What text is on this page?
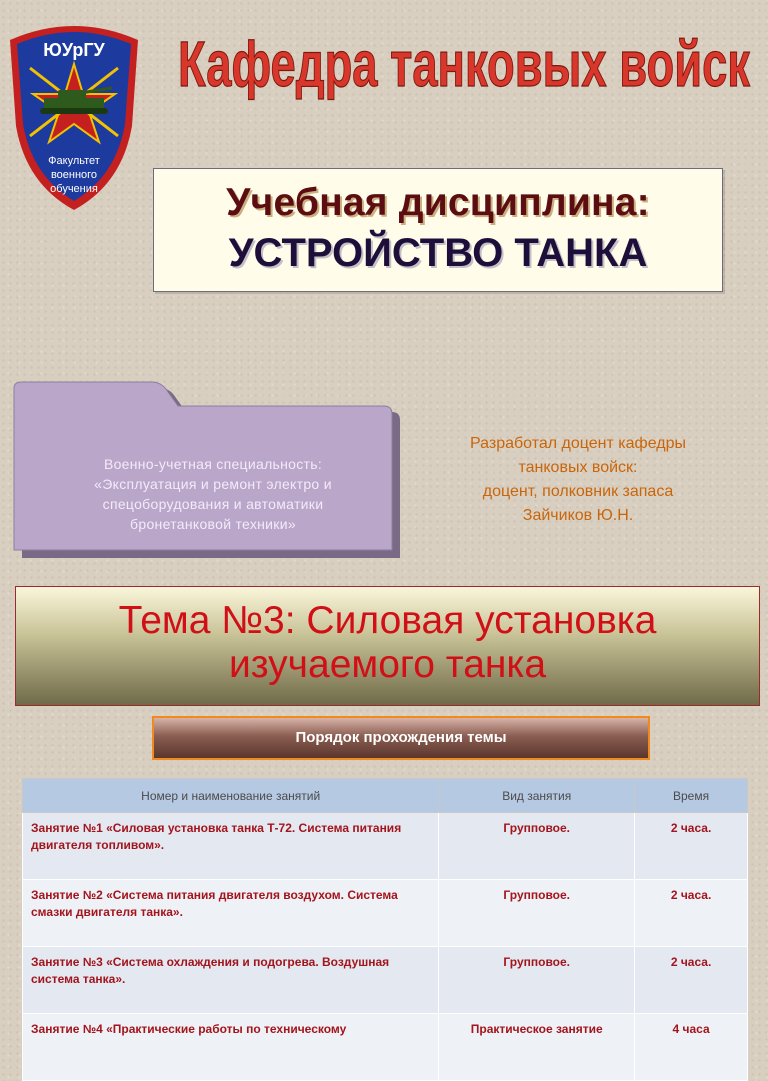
ЮУрГУ
Факультет
военного
обучения
Кафедра танковых войск
Учебная дисциплина:
УСТРОЙСТВО ТАНКА
Военно-учетная специальность:
«Эксплуатация и ремонт электро и
спецоборудования и автоматики
бронетанковой техники»
Разработал доцент кафедры
танковых войск:
доцент, полковник запаса
Зайчиков Ю.Н.
Тема №3: Силовая установка
изучаемого танка
Порядок прохождения темы
Номер и наименование занятий	Вид занятия	Время
Занятие №1 «Силовая установка танка Т-72. Система питания двигателя топливом».	Групповое.	2 часа.
Занятие №2 «Система питания двигателя воздухом. Система смазки двигателя танка».	Групповое.	2 часа.
Занятие №3 «Система охлаждения и подогрева. Воздушная система танка».	Групповое.	2 часа.
Занятие №4 «Практические работы по техническому	Практическое занятие	4 часа
